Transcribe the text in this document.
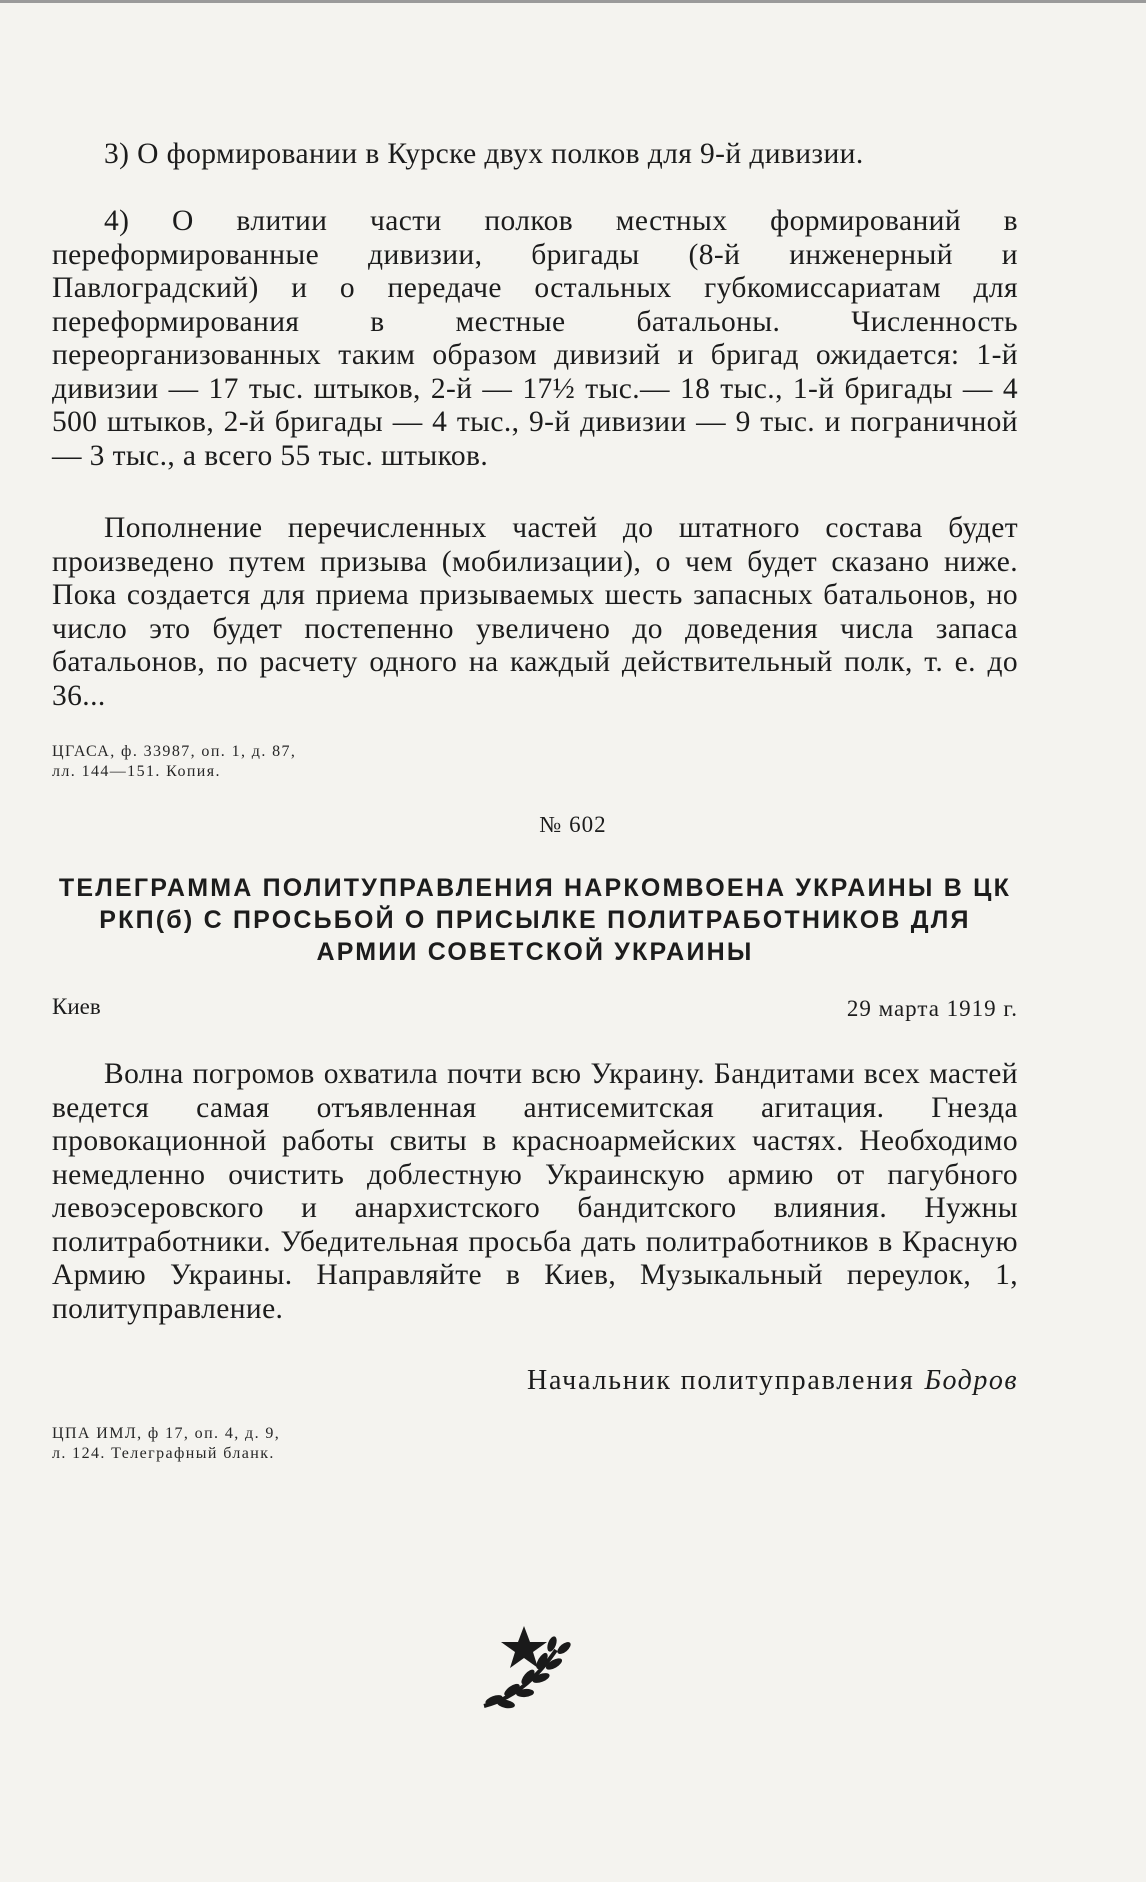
3) О формировании в Курске двух полков для 9-й дивизии.

4) О влитии части полков местных формирований в переформированные дивизии, бригады (8-й инженерный и Павлоградский) и о передаче остальных губкомиссариатам для переформирования в местные батальоны. Численность переорганизованных таким образом дивизий и бригад ожидается: 1-й дивизии — 17 тыс. штыков, 2-й — 17½ тыс.— 18 тыс., 1-й бригады — 4 500 штыков, 2-й бригады — 4 тыс., 9-й дивизии — 9 тыс. и пограничной — 3 тыс., а всего 55 тыс. штыков.

Пополнение перечисленных частей до штатного состава будет произведено путем призыва (мобилизации), о чем будет сказано ниже. Пока создается для приема призываемых шесть запасных батальонов, но число это будет постепенно увеличено до доведения числа запаса батальонов, по расчету одного на каждый действительный полк, т. е. до 36...

ЦГАСА, ф. 33987, оп. 1, д. 87,
лл. 144—151. Копия.

№ 602

ТЕЛЕГРАММА ПОЛИТУПРАВЛЕНИЯ НАРКОМВОЕНА УКРАИНЫ В ЦК РКП(б) С ПРОСЬБОЙ О ПРИСЫЛКЕ ПОЛИТРАБОТНИКОВ ДЛЯ АРМИИ СОВЕТСКОЙ УКРАИНЫ

Киев	29 марта 1919 г.

Волна погромов охватила почти всю Украину. Бандитами всех мастей ведется самая отъявленная антисемитская агитация. Гнезда провокационной работы свиты в красноармейских частях. Необходимо немедленно очистить доблестную Украинскую армию от пагубного левоэсеровского и анархистского бандитского влияния. Нужны политработники. Убедительная просьба дать политработников в Красную Армию Украины. Направляйте в Киев, Музыкальный переулок, 1, политуправление.

Начальник политуправления Бодров

ЦПА ИМЛ, ф 17, оп. 4, д. 9,
л. 124. Телеграфный бланк.
